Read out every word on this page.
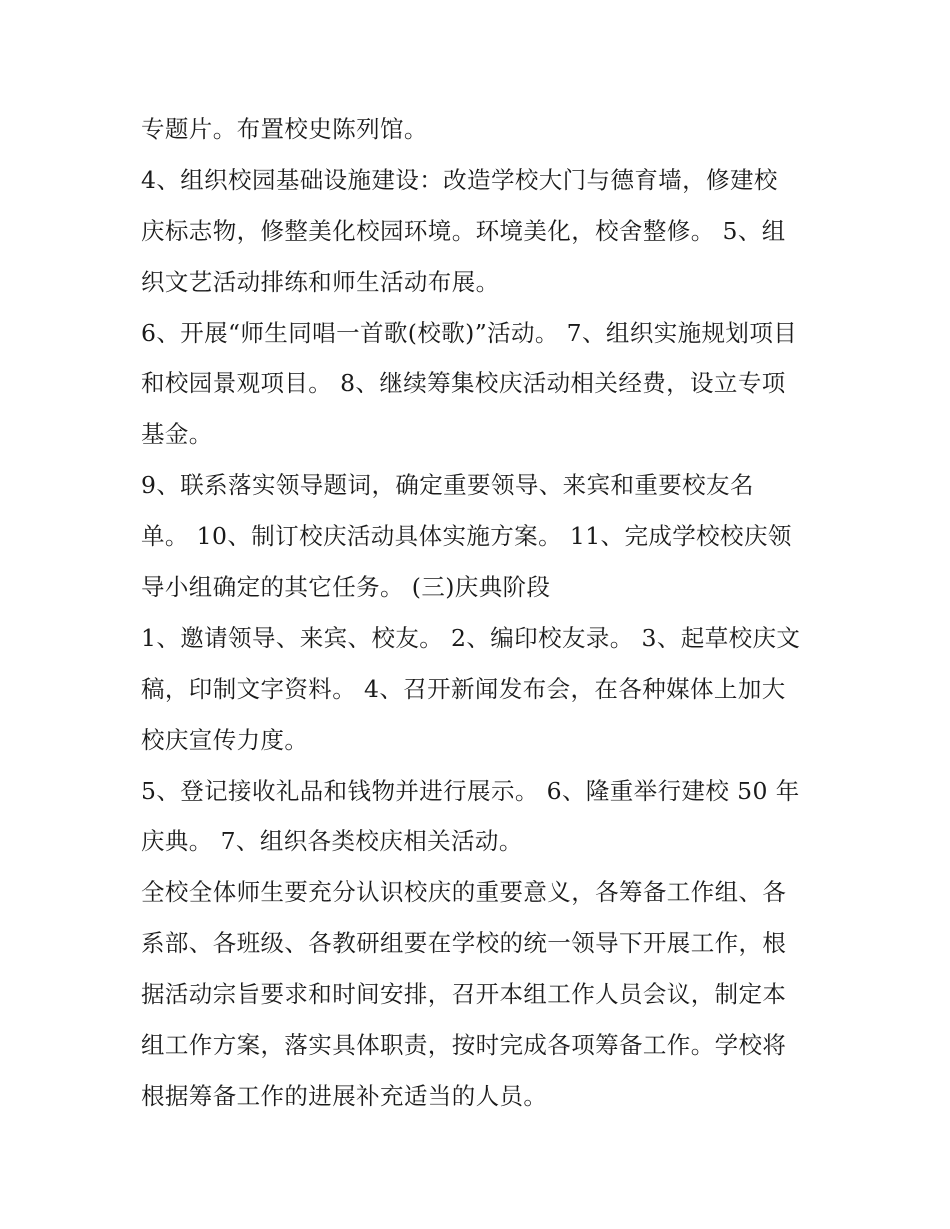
专题片。布置校史陈列馆。
4、组织校园基础设施建设：改造学校大门与德育墙，修建校
庆标志物，修整美化校园环境。环境美化，校舍整修。 5、组
织文艺活动排练和师生活动布展。
6、开展“师生同唱一首歌(校歌)”活动。 7、组织实施规划项目
和校园景观项目。 8、继续筹集校庆活动相关经费，设立专项
基金。
9、联系落实领导题词，确定重要领导、来宾和重要校友名
单。 10、制订校庆活动具体实施方案。 11、完成学校校庆领
导小组确定的其它任务。 (三)庆典阶段
1、邀请领导、来宾、校友。 2、编印校友录。 3、起草校庆文
稿，印制文字资料。 4、召开新闻发布会，在各种媒体上加大
校庆宣传力度。
5、登记接收礼品和钱物并进行展示。 6、隆重举行建校 50 年
庆典。 7、组织各类校庆相关活动。
全校全体师生要充分认识校庆的重要意义，各筹备工作组、各
系部、各班级、各教研组要在学校的统一领导下开展工作，根
据活动宗旨要求和时间安排，召开本组工作人员会议，制定本
组工作方案，落实具体职责，按时完成各项筹备工作。学校将
根据筹备工作的进展补充适当的人员。
